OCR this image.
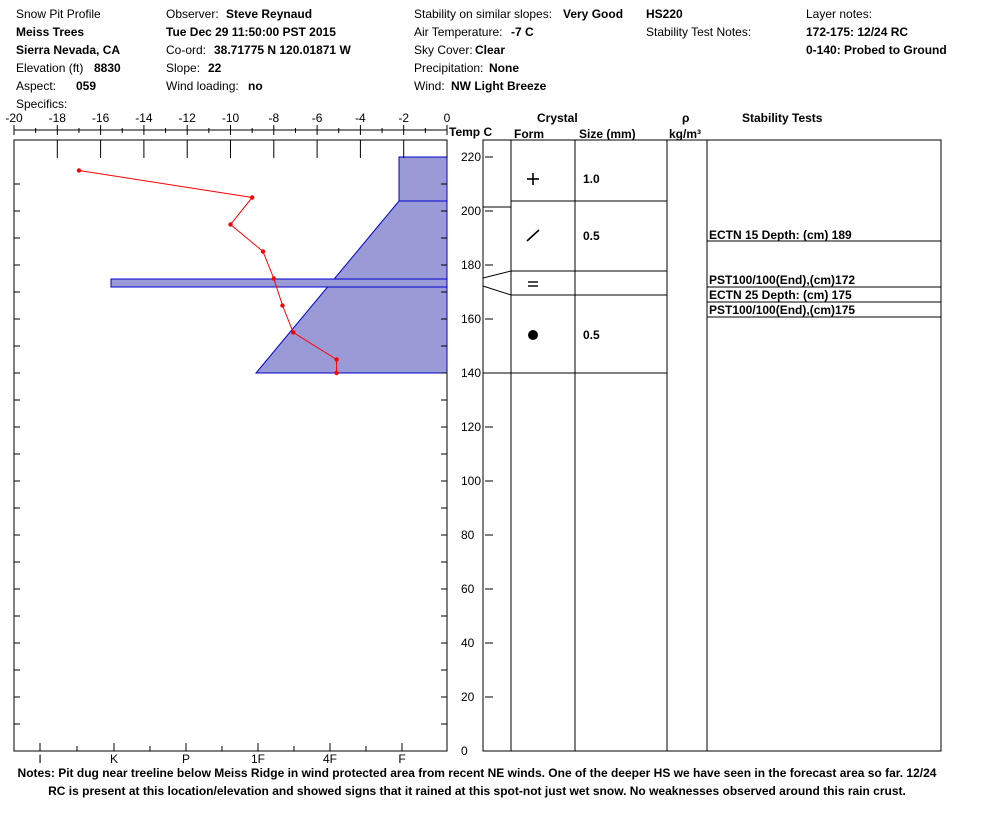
Snow Pit Profile
Meiss Trees
Sierra Nevada, CA
Elevation (ft) 8830
Aspect: 059
Specifics:
Observer: Steve Reynaud
Tue Dec 29 11:50:00 PST 2015
Co-ord: 38.71775 N 120.01871 W
Slope: 22
Wind loading: no
Stability on similar slopes: Very Good
Air Temperature: -7 C
Sky Cover: Clear
Precipitation: None
Wind: NW Light Breeze
HS220
Stability Test Notes:
Layer notes:
172-175: 12/24 RC
0-140: Probed to Ground
-20 -18 -16 -14 -12 -10 -8	-6	-4	-2	0
0
20
40
60
80
100
120
140
160
180
200
220
I	K	P	1F	4F	F
1.0
0.5
0.5
ECTN 15 Depth: (cm) 189
PST100/100(End),(cm)172
ECTN 25 Depth: (cm) 175
PST100/100(End),(cm)175
Temp C
Crystal
Form	Size (mm)
ρ
kg/m³
Stability Tests
Notes: Pit dug near treeline below Meiss Ridge in wind protected area from recent NE winds. One of the deeper HS we have seen in the forecast area so far. 12/24 RC is present at this location/elevation and showed signs that it rained at this spot-not just wet snow. No weaknesses observed around this rain crust.
